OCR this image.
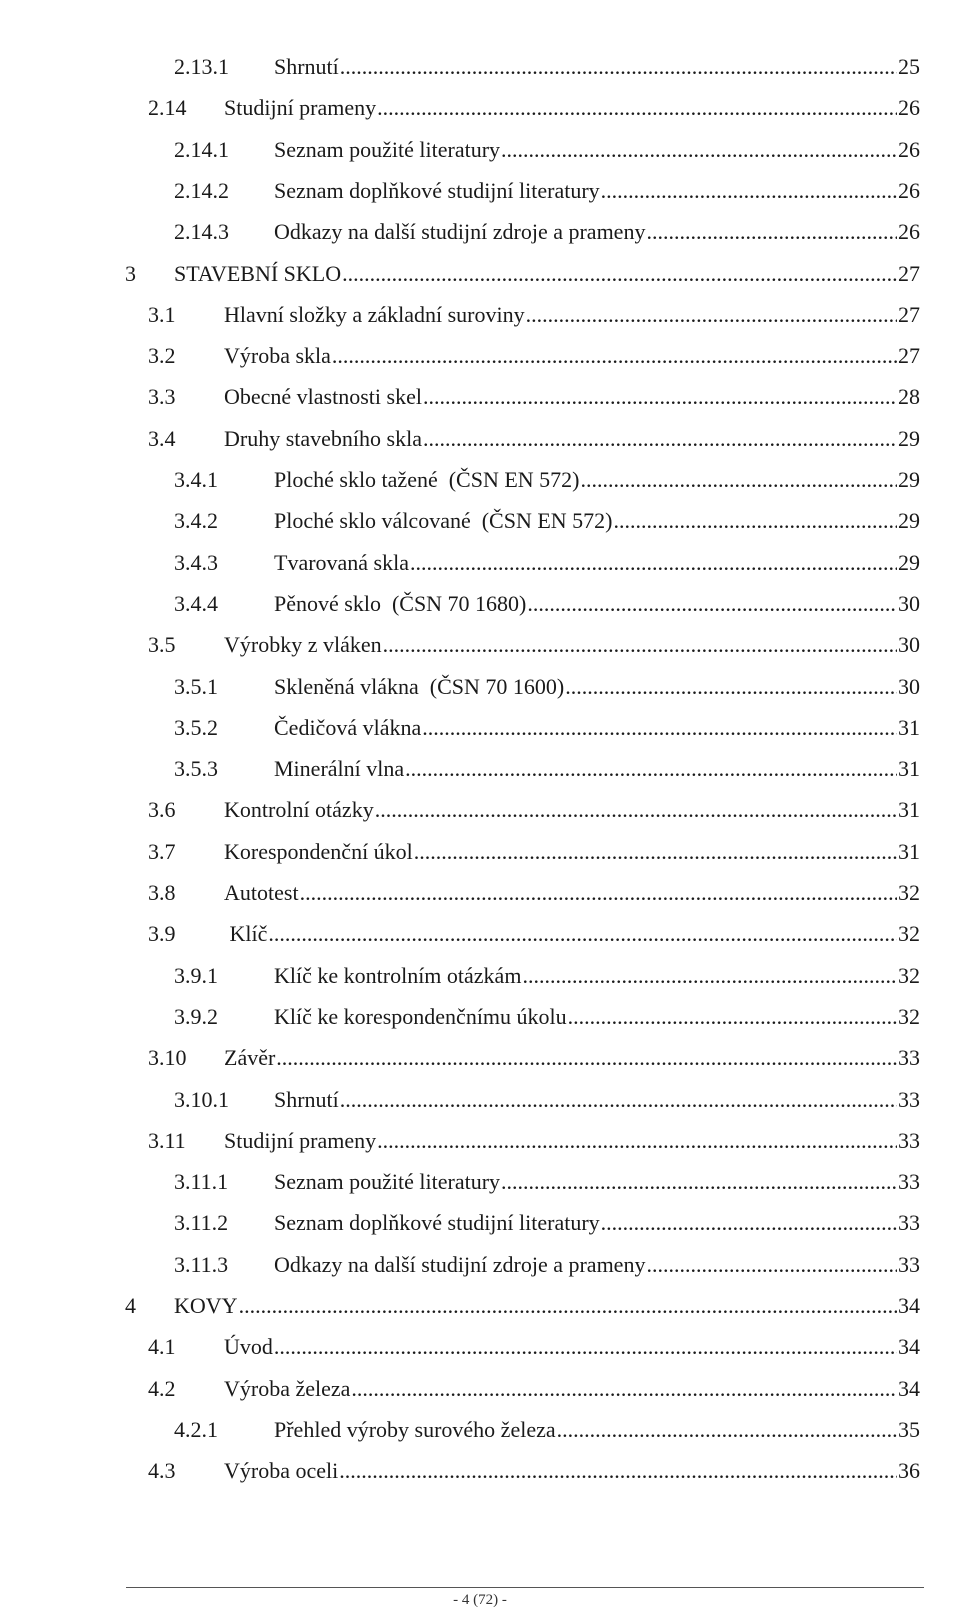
2.13.1	Shrnutí .....	25
2.14	Studijní prameny .....	26
2.14.1	Seznam použité literatury .....	26
2.14.2	Seznam doplňkové studijní literatury .....	26
2.14.3	Odkazy na další studijní zdroje a prameny .....	26
3	STAVEBNÍ SKLO .....	27
3.1	Hlavní složky a základní suroviny .....	27
3.2	Výroba skla .....	27
3.3	Obecné vlastnosti skel .....	28
3.4	Druhy stavebního skla .....	29
3.4.1	Ploché sklo tažené  (ČSN EN 572) .....	29
3.4.2	Ploché sklo válcované  (ČSN EN 572) .....	29
3.4.3	Tvarovaná skla .....	29
3.4.4	Pěnové sklo  (ČSN 70 1680) .....	30
3.5	Výrobky z vláken .....	30
3.5.1	Skleněná vlákna  (ČSN 70 1600) .....	30
3.5.2	Čedičová vlákna .....	31
3.5.3	Minerální vlna .....	31
3.6	Kontrolní otázky .....	31
3.7	Korespondenční úkol .....	31
3.8	Autotest .....	32
3.9	Klíč .....	32
3.9.1	Klíč ke kontrolním otázkám .....	32
3.9.2	Klíč ke korespondenčnímu úkolu .....	32
3.10	Závěr .....	33
3.10.1	Shrnutí .....	33
3.11	Studijní prameny .....	33
3.11.1	Seznam použité literatury .....	33
3.11.2	Seznam doplňkové studijní literatury .....	33
3.11.3	Odkazy na další studijní zdroje a prameny .....	33
4	KOVY .....	34
4.1	Úvod .....	34
4.2	Výroba železa .....	34
4.2.1	Přehled výroby surového železa .....	35
4.3	Výroba oceli .....	36
- 4 (72) -
